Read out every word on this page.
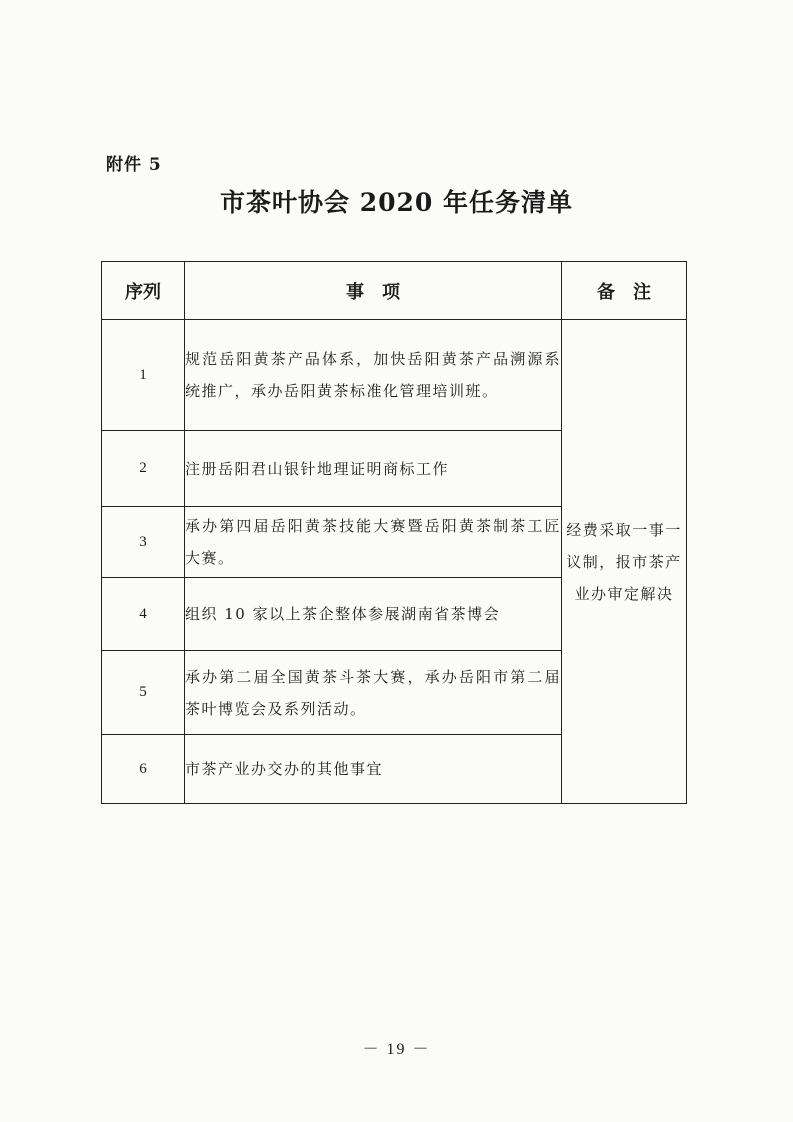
附件 5
市茶叶协会 2020 年任务清单
序列	事　项	备　注
1	规范岳阳黄茶产品体系，加快岳阳黄茶产品溯源系统推广，承办岳阳黄茶标准化管理培训班。	经费采取一事一议制，报市茶产业办审定解决
2	注册岳阳君山银针地理证明商标工作	
3	承办第四届岳阳黄茶技能大赛暨岳阳黄茶制茶工匠大赛。	
4	组织 10 家以上茶企整体参展湖南省茶博会	
5	承办第二届全国黄茶斗茶大赛，承办岳阳市第二届茶叶博览会及系列活动。	
6	市茶产业办交办的其他事宜	
－ 19 －
